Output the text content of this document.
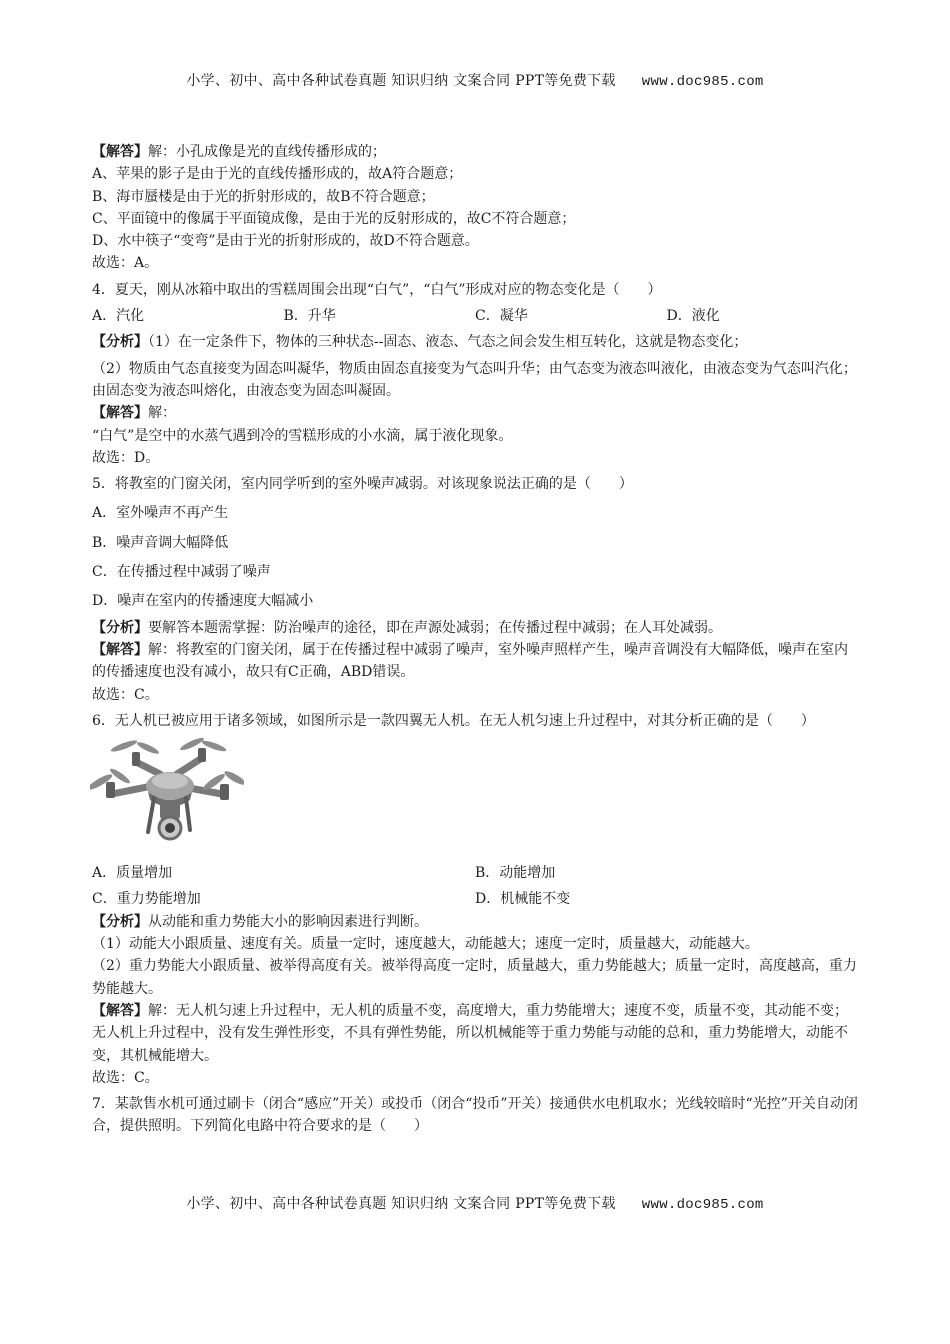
小学、初中、高中各种试卷真题 知识归纳 文案合同 PPT等免费下载 www.doc985.com

【解答】解：小孔成像是光的直线传播形成的；

A、苹果的影子是由于光的直线传播形成的，故A符合题意；

B、海市蜃楼是由于光的折射形成的，故B不符合题意；

C、平面镜中的像属于平面镜成像，是由于光的反射形成的，故C不符合题意；

D、水中筷子“变弯”是由于光的折射形成的，故D不符合题意。

故选：A。

4．夏天，刚从冰箱中取出的雪糕周围会出现“白气”，“白气”形成对应的物态变化是（　　）

A．汽化	B．升华	C．凝华	D．液化

【分析】（1）在一定条件下，物体的三种状态--固态、液态、气态之间会发生相互转化，这就是物态变化；

（2）物质由气态直接变为固态叫凝华，物质由固态直接变为气态叫升华；由气态变为液态叫液化，由液态变为气态叫汽化；由固态变为液态叫熔化，由液态变为固态叫凝固。

【解答】解：

“白气”是空中的水蒸气遇到冷的雪糕形成的小水滴，属于液化现象。

故选：D。

5．将教室的门窗关闭，室内同学听到的室外噪声减弱。对该现象说法正确的是（　　）

A．室外噪声不再产生

B．噪声音调大幅降低

C．在传播过程中减弱了噪声

D．噪声在室内的传播速度大幅减小

【分析】要解答本题需掌握：防治噪声的途径，即在声源处减弱；在传播过程中减弱；在人耳处减弱。

【解答】解：将教室的门窗关闭，属于在传播过程中减弱了噪声，室外噪声照样产生，噪声音调没有大幅降低，噪声在室内的传播速度也没有减小，故只有C正确，ABD错误。

故选：C。

6．无人机已被应用于诸多领域，如图所示是一款四翼无人机。在无人机匀速上升过程中，对其分析正确的是（　　）

A．质量增加	B．动能增加
C．重力势能增加	D．机械能不变

【分析】从动能和重力势能大小的影响因素进行判断。

（1）动能大小跟质量、速度有关。质量一定时，速度越大，动能越大；速度一定时，质量越大，动能越大。

（2）重力势能大小跟质量、被举得高度有关。被举得高度一定时，质量越大，重力势能越大；质量一定时，高度越高，重力势能越大。

【解答】解：无人机匀速上升过程中，无人机的质量不变，高度增大，重力势能增大；速度不变，质量不变，其动能不变；无人机上升过程中，没有发生弹性形变，不具有弹性势能，所以机械能等于重力势能与动能的总和，重力势能增大，动能不变，其机械能增大。

故选：C。

7．某款售水机可通过刷卡（闭合“感应”开关）或投币（闭合“投币”开关）接通供水电机取水；光线较暗时“光控”开关自动闭合，提供照明。下列简化电路中符合要求的是（　　）

小学、初中、高中各种试卷真题 知识归纳 文案合同 PPT等免费下载 www.doc985.com
